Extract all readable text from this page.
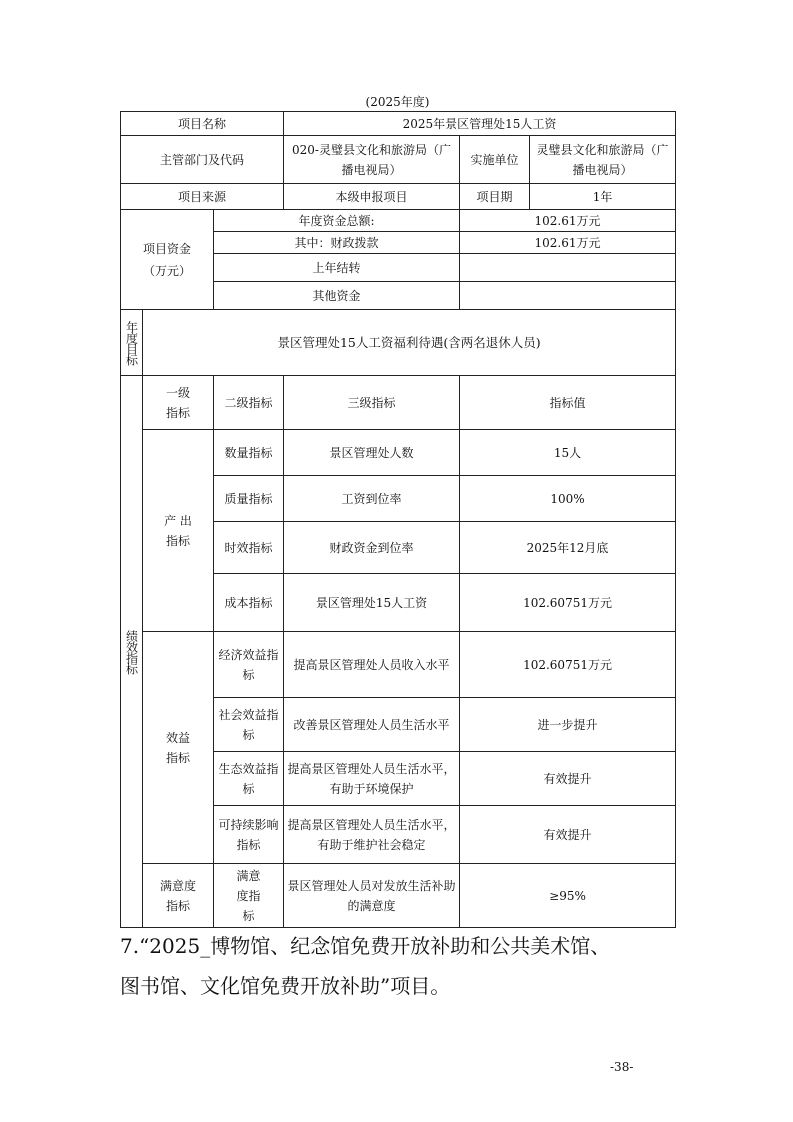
(2025年度)
项目名称			2025年景区管理处15人工资		
主管部门及代码			020-灵璧县文化和旅游局（广播电视局）	实施单位	灵璧县文化和旅游局（广播电视局）
项目来源			本级申报项目	项目期	1年

项目资金（万元）		年度资金总额:		102.61万元	
		其中：财政拨款		102.61万元	
		上年结转			
		其他资金			
年度目标	景区管理处15人工资福利待遇(含两名退休人员)				
绩效指标	一级指标	二级指标	三级指标	指标值	

	产 出指标	数量指标	景区管理处人数	15人	
		质量指标	工资到位率	100%	
		时效指标	财政资金到位率	2025年12月底	
		成本指标	景区管理处15人工资	102.60751万元	

	效益指标	经济效益指标	提高景区管理处人员收入水平	102.60751万元	
		社会效益指标	改善景区管理处人员生活水平	进一步提升	
		生态效益指标	提高景区管理处人员生活水平，有助于环境保护	有效提升	
		可持续影响指标	提高景区管理处人员生活水平，有助于维护社会稳定	有效提升	

	满意度指标	满意度指标	景区管理处人员对发放生活补助的满意度	≥95%	
7.“2025_博物馆、纪念馆免费开放补助和公共美术馆、
图书馆、文化馆免费开放补助”项目。
-38-
